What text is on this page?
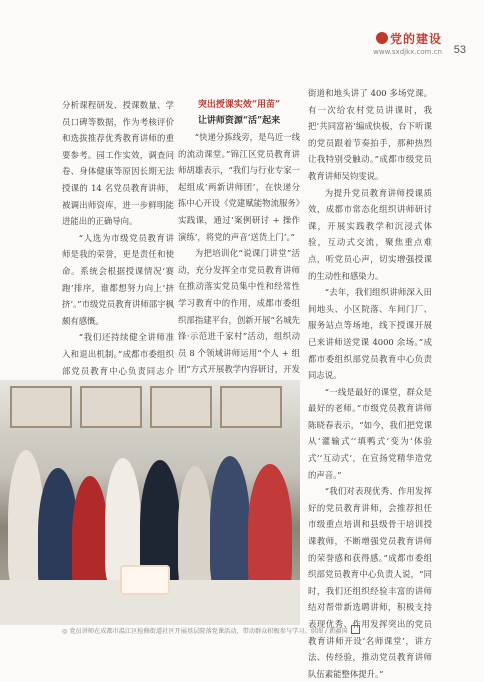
党的建设
www.sxdjkx.com.cn 53

分析课程研发、授课数量、学员口碑等数据，作为考核评价和选拔推荐优秀教育讲师的重要参考。园工作实效，调查问卷、身体健康等原因长期无法授课的 14 名党员教育讲师，被调出师资库，进一步鲜明能进能出的正确导向。

“人选为市级党员教育讲师是我的荣誉，更是责任和使命。系统会根据授课情况‘赛跑’排序，谁都想努力向上‘挤挤’。”市级党员教育讲师邵宇枫颇有感慨。

“我们还持续健全讲师准入和退出机制。”成都市委组织部党员教育中心负责同志介

突出授课实效“用苗”

让讲师资源“活”起来

“快递分拣线旁，是鸟近一线的流动课堂。”锦江区党员教育讲师胡雄表示，“我们与行业专家一起组成‘两新讲师团’，在快递分拣中心开设《党建赋能物流服务》实践课，通过‘案例研讨 + 操作演练’，将党的声音‘送货上门’。”

为把培训化“说课门讲堂”活动，充分发挥全市党员教育讲师在推动落实党员集中性和经常性学习教育中的作用，成都市委组织部指建平台，创新开展“名城先锋·示范进千家村”活动，组织动员 8 个领域讲师运用“个人 + 组团”方式开展教学内容研讨，开发

街道和地头讲了 400 多场党课。有一次给农村党员讲课时，我把‘共同富裕’编成快板，台下听课的党员跟着节奏拍手，那种热烈让我特别受触动。”成都市级党员教育讲师吴钧雯说。

为提升党员教育讲师授课质效，成都市常态化组织讲师研讨课，开展实践教学和沉浸式体验，互动式交流，聚焦重点难点，听党员心声，切实增强授课的生动性和感染力。

“去年，我们组织讲师深入田间地头、小区院落、车间门厂、服务站点等场地，线下授课开展已来讲师送党课 4000 余场。”成都市委组织部党员教育中心负责同志说。

“一线是最好的课堂，群众是最好的老师。”市级党员教育讲师陈晓春表示，“如今，我们把党课从‘灌输式’‘填鸭式’变为‘体验式’‘互动式’，在宣扬党精华造党的声音。”

“我们对表现优秀、作用发挥好的党员教育讲师，会推荐担任市级重点培训和县级骨干培训授课教师，不断增强党员教育讲师的荣誉感和获得感。”成都市委组织部党员教育中心负责人说，“同时，我们还组织经验丰富的讲师结对帮带新选聘讲师，积极支持表现优秀、作用发挥突出的党员教育讲师开设‘名师课堂’，讲方法、传经验，推动党员教育讲师队伍素能整体提升。”

◎ 党员讲师在成都市温江区检修街道社区开展基层院落党课活动，带动群众积极参与学习。供图 / 新疆国
